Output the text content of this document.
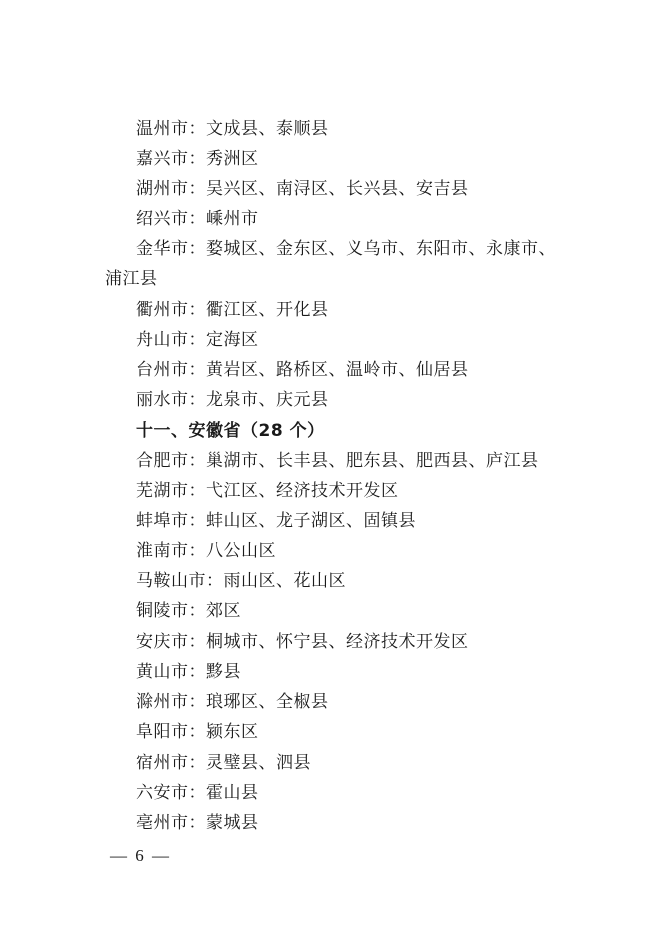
温州市：文成县、泰顺县
嘉兴市：秀洲区
湖州市：吴兴区、南浔区、长兴县、安吉县
绍兴市：嵊州市
金华市：婺城区、金东区、义乌市、东阳市、永康市、
浦江县
衢州市：衢江区、开化县
舟山市：定海区
台州市：黄岩区、路桥区、温岭市、仙居县
丽水市：龙泉市、庆元县
十一、安徽省（28 个）
合肥市：巢湖市、长丰县、肥东县、肥西县、庐江县
芜湖市：弋江区、经济技术开发区
蚌埠市：蚌山区、龙子湖区、固镇县
淮南市：八公山区
马鞍山市：雨山区、花山区
铜陵市：郊区
安庆市：桐城市、怀宁县、经济技术开发区
黄山市：黟县
滁州市：琅琊区、全椒县
阜阳市：颍东区
宿州市：灵璧县、泗县
六安市：霍山县
亳州市：蒙城县
— 6 —
